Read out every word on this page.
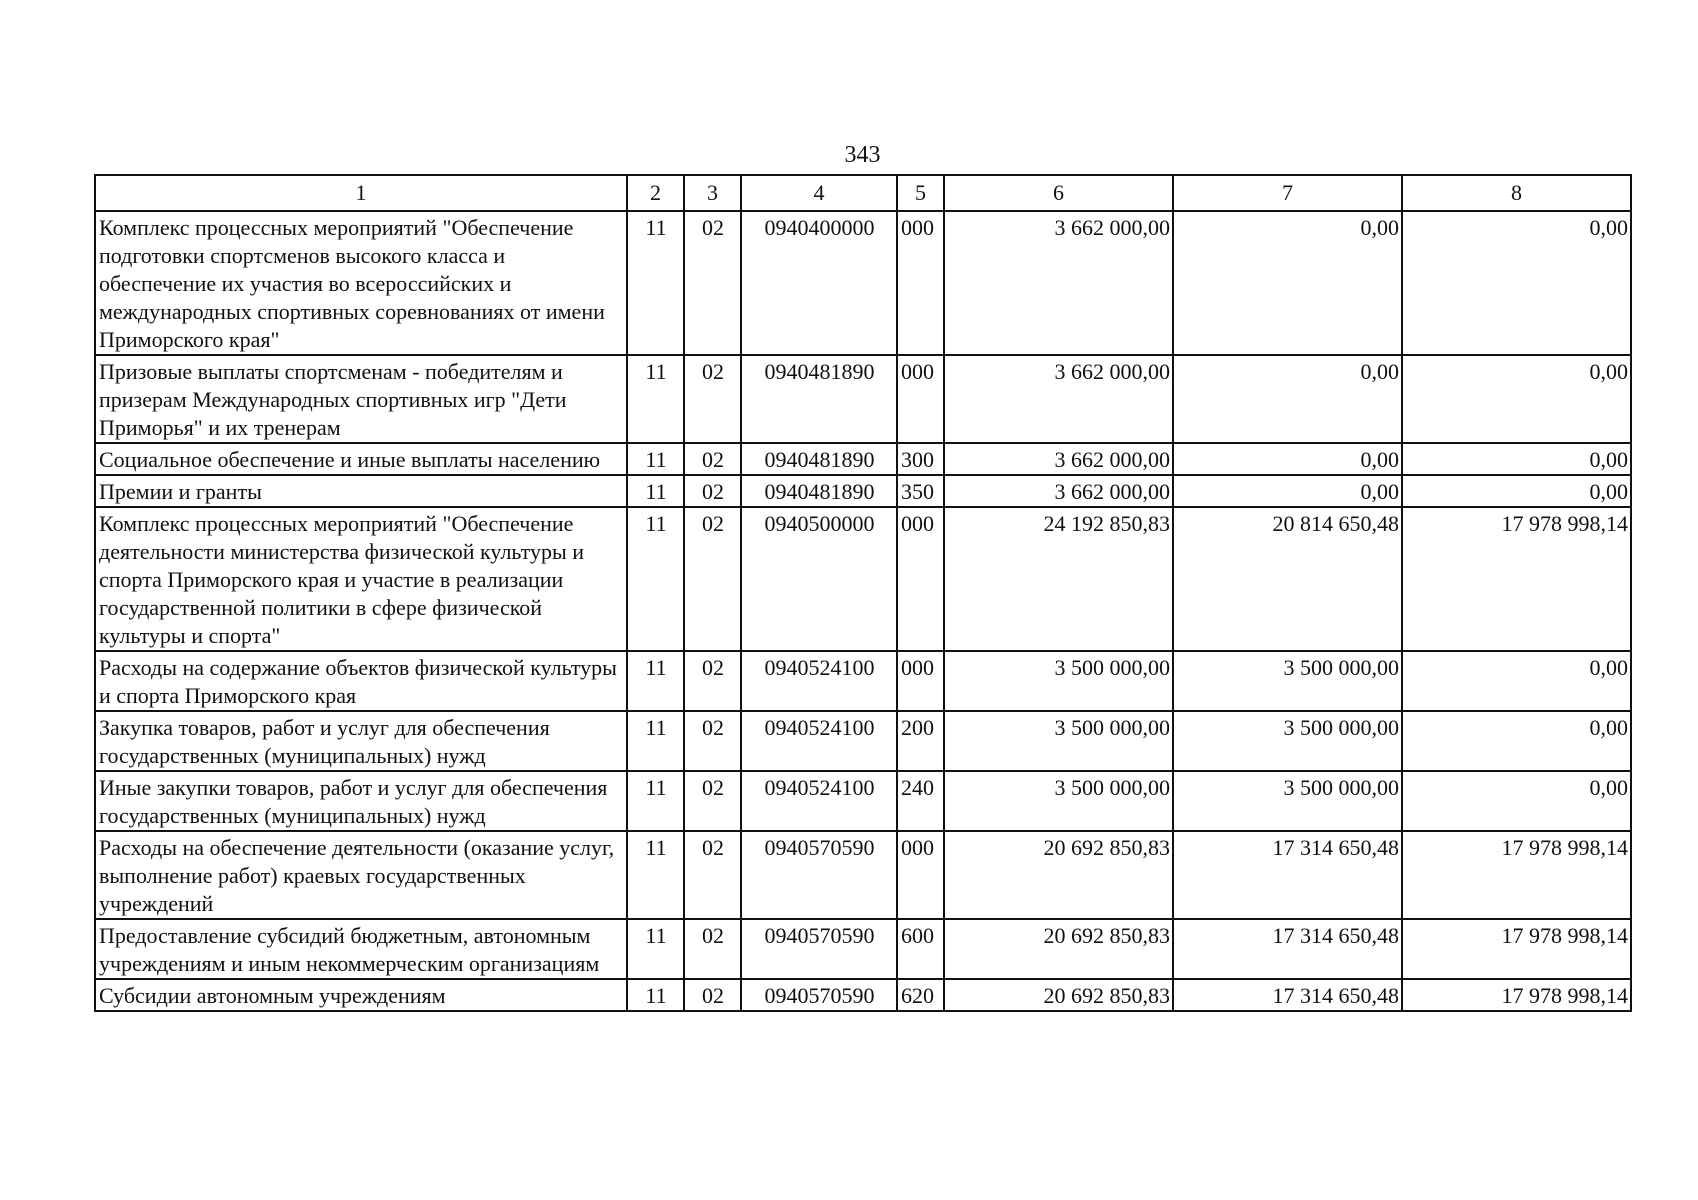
343
1	2	3	4	5	6	7	8
Комплекс процессных мероприятий "Обеспечение подготовки спортсменов высокого класса и обеспечение их участия во всероссийских и международных спортивных соревнованиях от имени Приморского края"	11	02	0940400000	000	3 662 000,00	0,00	0,00
Призовые выплаты спортсменам - победителям и призерам Международных спортивных игр "Дети Приморья" и их тренерам	11	02	0940481890	000	3 662 000,00	0,00	0,00
Социальное обеспечение и иные выплаты населению	11	02	0940481890	300	3 662 000,00	0,00	0,00
Премии и гранты	11	02	0940481890	350	3 662 000,00	0,00	0,00
Комплекс процессных мероприятий "Обеспечение деятельности министерства физической культуры и спорта Приморского края и участие в реализации государственной политики в сфере физической культуры и спорта"	11	02	0940500000	000	24 192 850,83	20 814 650,48	17 978 998,14
Расходы на содержание объектов физической культуры и спорта Приморского края	11	02	0940524100	000	3 500 000,00	3 500 000,00	0,00
Закупка товаров, работ и услуг для обеспечения государственных (муниципальных) нужд	11	02	0940524100	200	3 500 000,00	3 500 000,00	0,00
Иные закупки товаров, работ и услуг для обеспечения государственных (муниципальных) нужд	11	02	0940524100	240	3 500 000,00	3 500 000,00	0,00
Расходы на обеспечение деятельности (оказание услуг, выполнение работ) краевых государственных учреждений	11	02	0940570590	000	20 692 850,83	17 314 650,48	17 978 998,14
Предоставление субсидий бюджетным, автономным учреждениям и иным некоммерческим организациям	11	02	0940570590	600	20 692 850,83	17 314 650,48	17 978 998,14
Субсидии автономным учреждениям	11	02	0940570590	620	20 692 850,83	17 314 650,48	17 978 998,14
